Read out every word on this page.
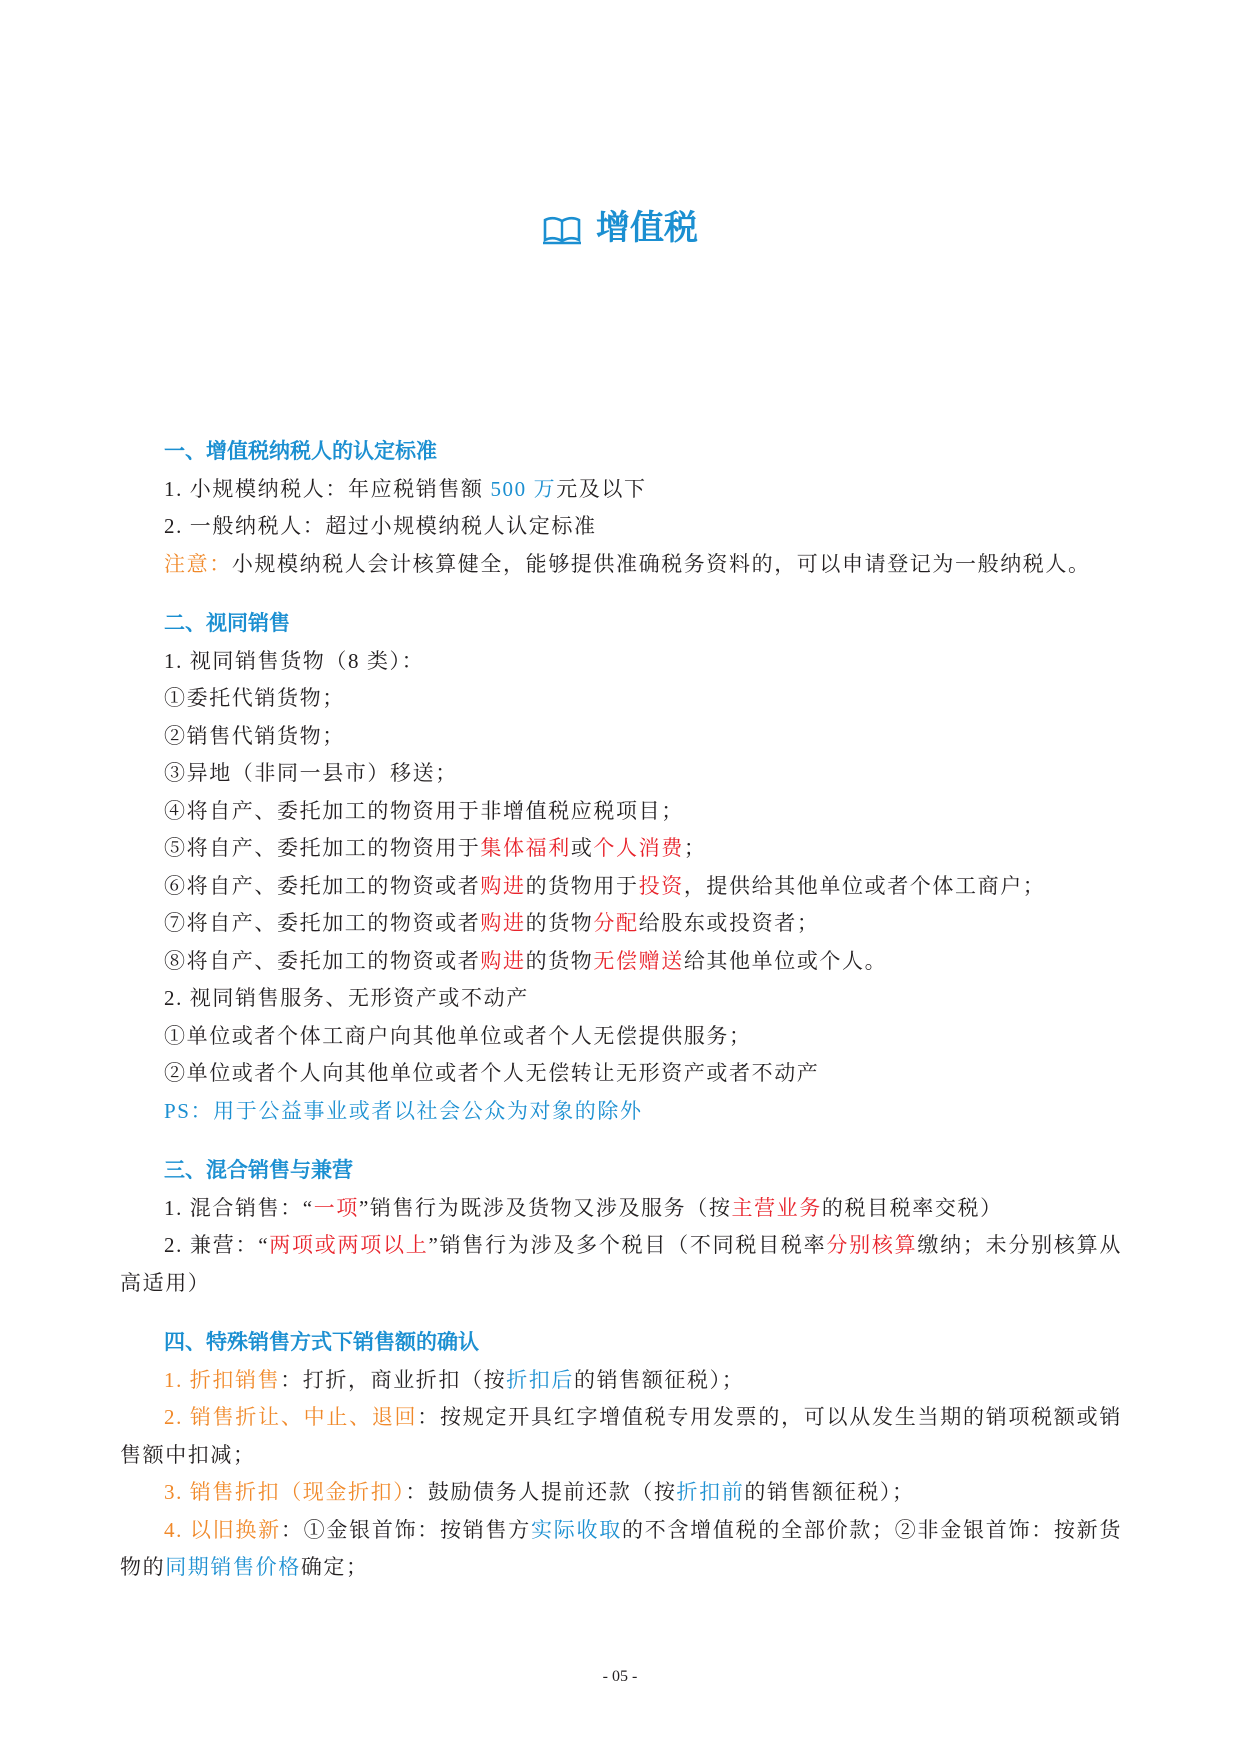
增值税
一、增值税纳税人的认定标准
1. 小规模纳税人：年应税销售额 500 万元及以下
2. 一般纳税人：超过小规模纳税人认定标准
注意：小规模纳税人会计核算健全，能够提供准确税务资料的，可以申请登记为一般纳税人。
二、视同销售
1. 视同销售货物（8 类）：
①委托代销货物；
②销售代销货物；
③异地（非同一县市）移送；
④将自产、委托加工的物资用于非增值税应税项目；
⑤将自产、委托加工的物资用于集体福利或个人消费；
⑥将自产、委托加工的物资或者购进的货物用于投资，提供给其他单位或者个体工商户；
⑦将自产、委托加工的物资或者购进的货物分配给股东或投资者；
⑧将自产、委托加工的物资或者购进的货物无偿赠送给其他单位或个人。
2. 视同销售服务、无形资产或不动产
①单位或者个体工商户向其他单位或者个人无偿提供服务；
②单位或者个人向其他单位或者个人无偿转让无形资产或者不动产
PS：用于公益事业或者以社会公众为对象的除外
三、混合销售与兼营
1. 混合销售：“一项”销售行为既涉及货物又涉及服务（按主营业务的税目税率交税）
2. 兼营：“两项或两项以上”销售行为涉及多个税目（不同税目税率分别核算缴纳；未分别核算从高适用）
四、特殊销售方式下销售额的确认
1. 折扣销售：打折，商业折扣（按折扣后的销售额征税）；
2. 销售折让、中止、退回：按规定开具红字增值税专用发票的，可以从发生当期的销项税额或销售额中扣减；
3. 销售折扣（现金折扣）：鼓励债务人提前还款（按折扣前的销售额征税）；
4. 以旧换新：①金银首饰：按销售方实际收取的不含增值税的全部价款；②非金银首饰：按新货物的同期销售价格确定；
- 05 -
